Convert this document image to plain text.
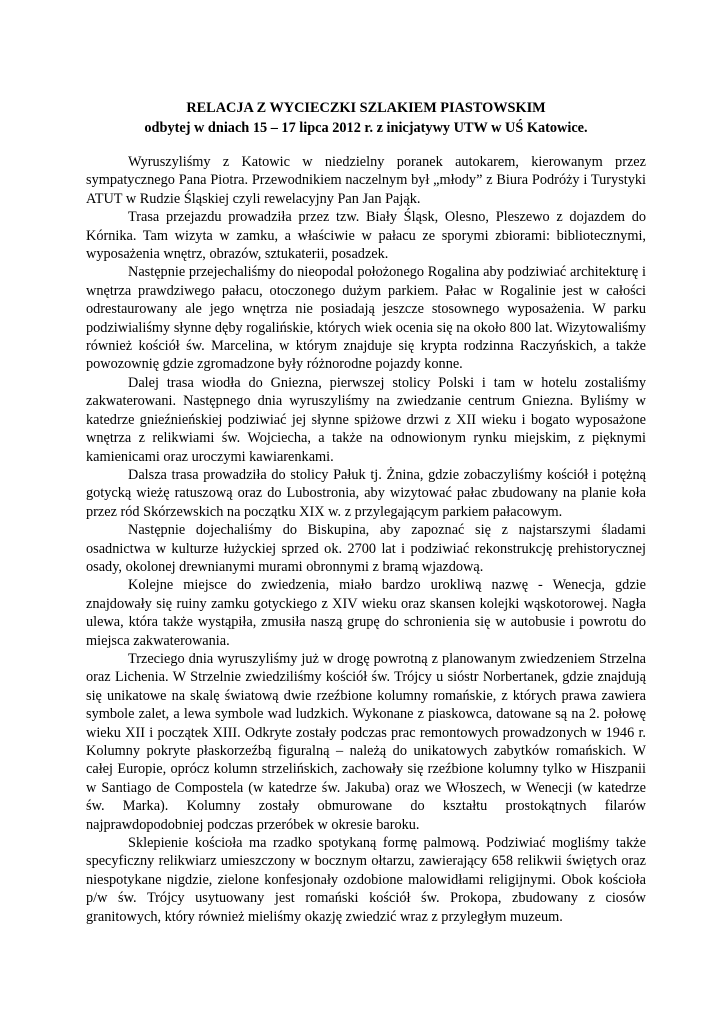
RELACJA Z WYCIECZKI SZLAKIEM PIASTOWSKIM
odbytej w dniach 15 – 17 lipca 2012 r. z inicjatywy UTW w UŚ Katowice.

Wyruszyliśmy z Katowic w niedzielny poranek autokarem, kierowanym przez sympatycznego Pana Piotra. Przewodnikiem naczelnym był „młody” z Biura Podróży i Turystyki ATUT w Rudzie Śląskiej czyli rewelacyjny Pan Jan Pająk.

Trasa przejazdu prowadziła przez tzw. Biały Śląsk, Olesno, Pleszewo z dojazdem do Kórnika. Tam wizyta w zamku, a właściwie w pałacu ze sporymi zbiorami: bibliotecznymi, wyposażenia wnętrz, obrazów, sztukaterii, posadzek.

Następnie przejechaliśmy do nieopodal położonego Rogalina aby podziwiać architekturę i wnętrza prawdziwego pałacu, otoczonego dużym parkiem. Pałac w Rogalinie jest w całości odrestaurowany ale jego wnętrza nie posiadają jeszcze stosownego wyposażenia. W parku podziwialiśmy słynne dęby rogalińskie, których wiek ocenia się na około 800 lat. Wizytowaliśmy również kościół św. Marcelina, w którym znajduje się krypta rodzinna Raczyńskich, a także powozownię gdzie zgromadzone były różnorodne pojazdy konne.

Dalej trasa wiodła do Gniezna, pierwszej stolicy Polski i tam w hotelu zostaliśmy zakwaterowani. Następnego dnia wyruszyliśmy na zwiedzanie centrum Gniezna. Byliśmy w katedrze gnieźnieńskiej podziwiać jej słynne spiżowe drzwi z XII wieku i bogato wyposażone wnętrza z relikwiami św. Wojciecha, a także na odnowionym rynku miejskim, z pięknymi kamienicami oraz uroczymi kawiarenkami.

Dalsza trasa prowadziła do stolicy Pałuk tj. Żnina, gdzie zobaczyliśmy kościół i potężną gotycką wieżę ratuszową oraz do Lubostronia, aby wizytować pałac zbudowany na planie koła przez ród Skórzewskich na początku XIX w. z przylegającym parkiem pałacowym.

Następnie dojechaliśmy do Biskupina, aby zapoznać się z najstarszymi śladami osadnictwa w kulturze łużyckiej sprzed ok. 2700 lat i podziwiać rekonstrukcję prehistorycznej osady, okolonej drewnianymi murami obronnymi z bramą wjazdową.

Kolejne miejsce do zwiedzenia, miało bardzo urokliwą nazwę - Wenecja, gdzie znajdowały się ruiny zamku gotyckiego z XIV wieku oraz skansen kolejki wąskotorowej. Nagła ulewa, która także wystąpiła, zmusiła naszą grupę do schronienia się w autobusie i powrotu do miejsca zakwaterowania.

Trzeciego dnia wyruszyliśmy już w drogę powrotną z planowanym zwiedzeniem Strzelna oraz Lichenia. W Strzelnie zwiedziliśmy kościół św. Trójcy u sióstr Norbertanek, gdzie znajdują się unikatowe na skalę światową dwie rzeźbione kolumny romańskie, z których prawa zawiera symbole zalet, a lewa symbole wad ludzkich. Wykonane z piaskowca, datowane są na 2. połowę wieku XII i początek XIII. Odkryte zostały podczas prac remontowych prowadzonych w 1946 r. Kolumny pokryte płaskorzeźbą figuralną – należą do unikatowych zabytków romańskich. W całej Europie, oprócz kolumn strzelińskich, zachowały się rzeźbione kolumny tylko w Hiszpanii w Santiago de Compostela (w katedrze św. Jakuba) oraz we Włoszech, w Wenecji (w katedrze św. Marka). Kolumny zostały obmurowane do kształtu prostokątnych filarów najprawdopodobniej podczas przeróbek w okresie baroku.

Sklepienie kościoła ma rzadko spotykaną formę palmową. Podziwiać mogliśmy także specyficzny relikwiarz umieszczony w bocznym ołtarzu, zawierający 658 relikwii świętych oraz niespotykane nigdzie, zielone konfesjonały ozdobione malowidłami religijnymi. Obok kościoła p/w św. Trójcy usytuowany jest romański kościół św. Prokopa, zbudowany z ciosów granitowych, który również mieliśmy okazję zwiedzić wraz z przyległym muzeum.
